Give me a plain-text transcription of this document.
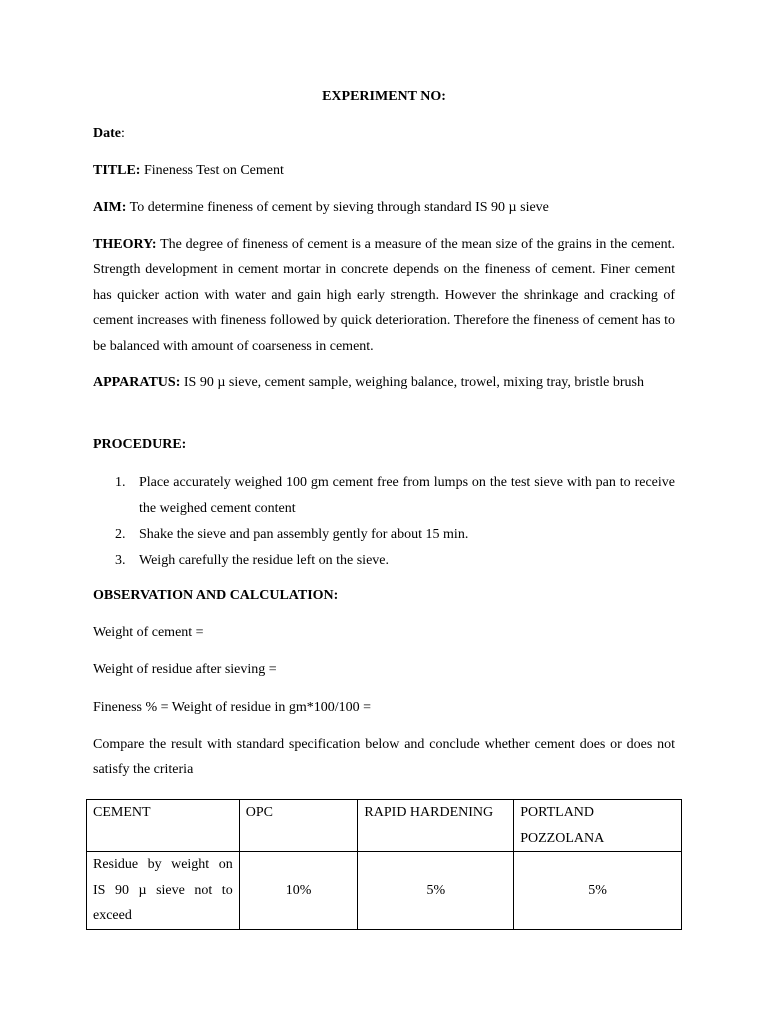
EXPERIMENT NO:

Date:

TITLE: Fineness Test on Cement

AIM: To determine fineness of cement by sieving through standard IS 90 µ sieve

THEORY: The degree of fineness of cement is a measure of the mean size of the grains in the cement. Strength development in cement mortar in concrete depends on the fineness of cement. Finer cement has quicker action with water and gain high early strength. However the shrinkage and cracking of cement increases with fineness followed by quick deterioration. Therefore the fineness of cement has to be balanced with amount of coarseness in cement.

APPARATUS: IS 90 µ sieve, cement sample, weighing balance, trowel, mixing tray, bristle brush

PROCEDURE:

1. Place accurately weighed 100 gm cement free from lumps on the test sieve with pan to receive the weighed cement content
2. Shake the sieve and pan assembly gently for about 15 min.
3. Weigh carefully the residue left on the sieve.

OBSERVATION AND CALCULATION:

Weight of cement =

Weight of residue after sieving =

Fineness % = Weight of residue in gm*100/100 =

Compare the result with standard specification below and conclude whether cement does or does not satisfy the criteria

CEMENT	OPC	RAPID HARDENING	PORTLAND POZZOLANA

Residue by weight on
IS 90 µ sieve not to
exceed	10%	5%	5%
